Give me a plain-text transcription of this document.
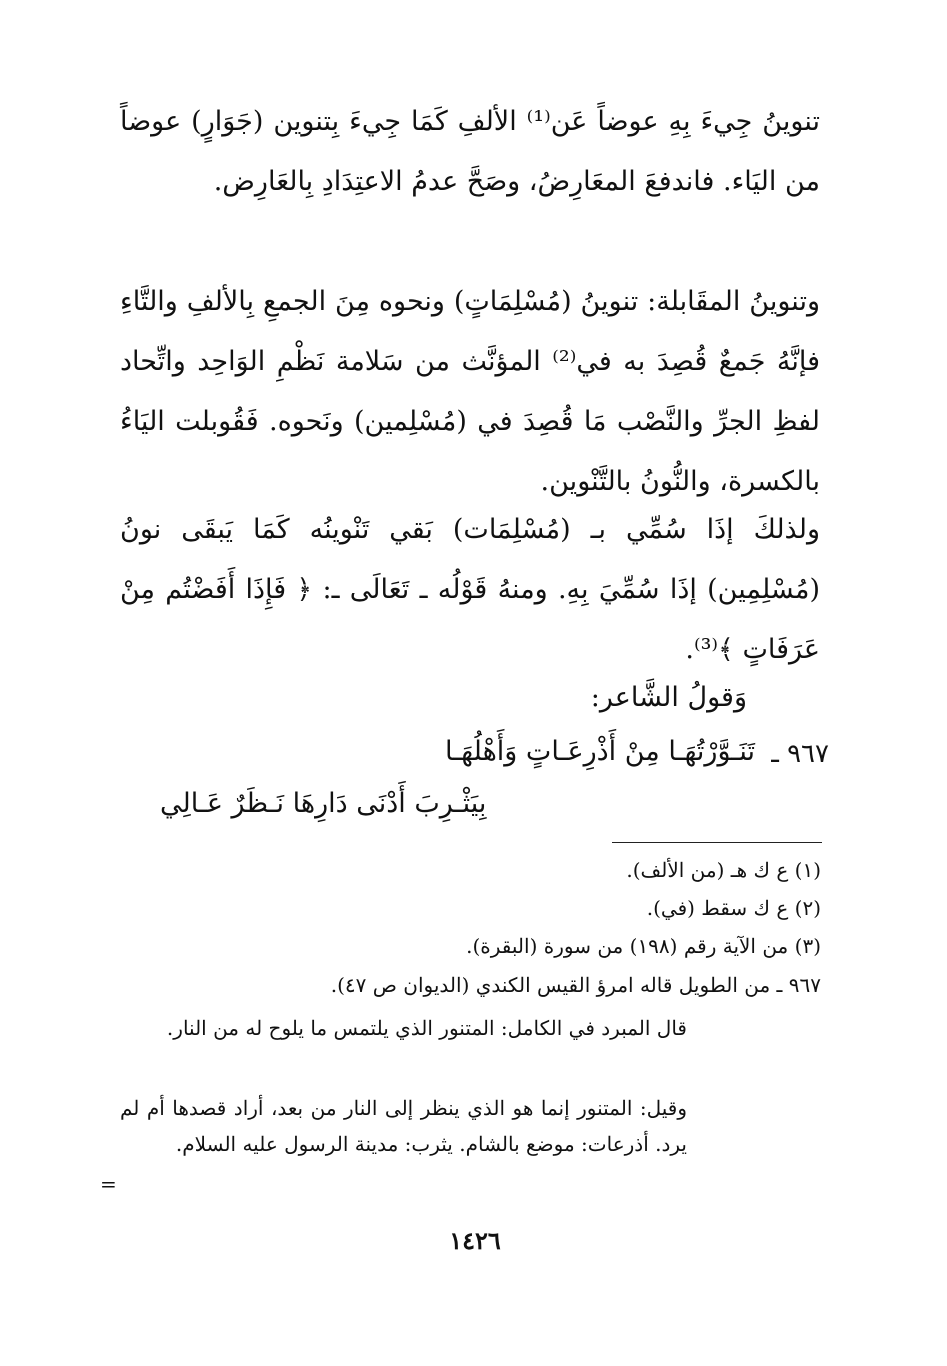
تنوينُ جِيءَ بِهِ عوضاً عَن⁽¹⁾ الألفِ كَمَا جِيءَ بِتنوين (جَوَارٍ) عوضاً من اليَاء. فاندفعَ المعَارِضُ، وصَحَّ عدمُ الاعتِدَادِ بِالعَارِض.
وتنوينُ المقَابلة: تنوينُ (مُسْلِمَاتٍ) ونحوه مِنَ الجمعِ بِالألفِ والتَّاءِ فإنَّهُ جَمعٌ قُصِدَ به في⁽²⁾ المؤنَّث من سَلامة نَظْمِ الوَاحِد واتِّحاد لفظِ الجرِّ والنَّصْب مَا قُصِدَ في (مُسْلِمين) ونَحوه. فَقُوبلت اليَاءُ بالكسرة، والنُّونُ بالتَّنْوين.
ولذلكَ إذَا سُمِّي بـ (مُسْلِمَات) بَقي تَنْوينُه كَمَا يَبقَى نونُ (مُسْلِمِين) إذَا سُمِّيَ بِهِ. ومنهُ قَوْلُه ـ تَعَالَى ـ: ﴿ فَإِذَا أَفَضْتُم مِنْ عَرَفَاتٍ ﴾⁽³⁾.
وَقولُ الشَّاعر:
٩٦٧ ـ
تَنَـوَّرْتُهَـا مِنْ أَذْرِعَـاتٍ وَأَهْلُهَـا
بِيَثْـرِبَ أَدْنَى دَارِهَا نَـظَرٌ عَـالِي
(١) ع ك هـ (من الألف).
(٢) ع ك سقط (في).
(٣) من الآية رقم (١٩٨) من سورة (البقرة).
٩٦٧ ـ من الطويل قاله امرؤ القيس الكندي (الديوان ص ٤٧).
قال المبرد في الكامل: المتنور الذي يلتمس ما يلوح له من النار.
وقيل: المتنور إنما هو الذي ينظر إلى النار من بعد، أراد قصدها أم لم يرد. أذرعات: موضع بالشام. يثرب: مدينة الرسول عليه السلام.
=
١٤٢٦
